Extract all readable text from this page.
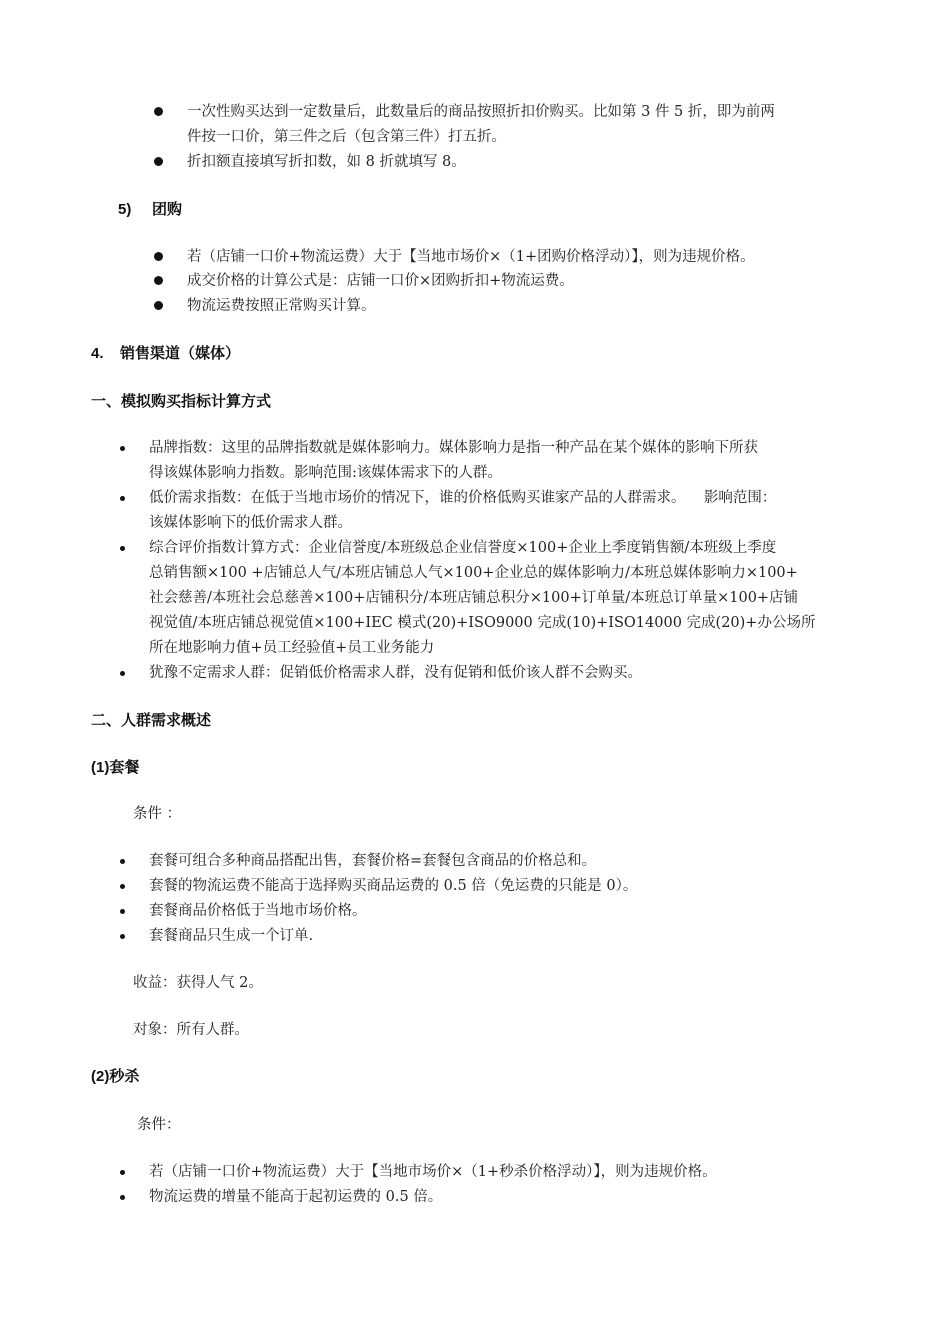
一次性购买达到一定数量后，此数量后的商品按照折扣价购买。比如第 3 件 5 折，即为前两
件按一口价，第三件之后（包含第三件）打五折。
折扣额直接填写折扣数，如 8 折就填写 8。
5) 团购
若（店铺一口价+物流运费）大于【当地市场价×（1+团购价格浮动）】，则为违规价格。
成交价格的计算公式是：店铺一口价×团购折扣+物流运费。
物流运费按照正常购买计算。
4. 销售渠道（媒体）
一、模拟购买指标计算方式
品牌指数：这里的品牌指数就是媒体影响力。媒体影响力是指一种产品在某个媒体的影响下所获
得该媒体影响力指数。影响范围:该媒体需求下的人群。
低价需求指数：在低于当地市场价的情况下，谁的价格低购买谁家产品的人群需求。    影响范围：
该媒体影响下的低价需求人群。
综合评价指数计算方式：企业信誉度/本班级总企业信誉度×100+企业上季度销售额/本班级上季度
总销售额×100 +店铺总人气/本班店铺总人气×100+企业总的媒体影响力/本班总媒体影响力×100+
社会慈善/本班社会总慈善×100+店铺积分/本班店铺总积分×100+订单量/本班总订单量×100+店铺
视觉值/本班店铺总视觉值×100+IEC 模式(20)+ISO9000 完成(10)+ISO14000 完成(20)+办公场所
所在地影响力值+员工经验值+员工业务能力
犹豫不定需求人群：促销低价格需求人群，没有促销和低价该人群不会购买。
二、人群需求概述
(1)套餐
条件 ：
套餐可组合多种商品搭配出售，套餐价格=套餐包含商品的价格总和。
套餐的物流运费不能高于选择购买商品运费的 0.5 倍（免运费的只能是 0）。
套餐商品价格低于当地市场价格。
套餐商品只生成一个订单.
收益：获得人气 2。
对象：所有人群。
(2)秒杀
条件：
若（店铺一口价+物流运费）大于【当地市场价×（1+秒杀价格浮动）】，则为违规价格。
物流运费的增量不能高于起初运费的 0.5 倍。
